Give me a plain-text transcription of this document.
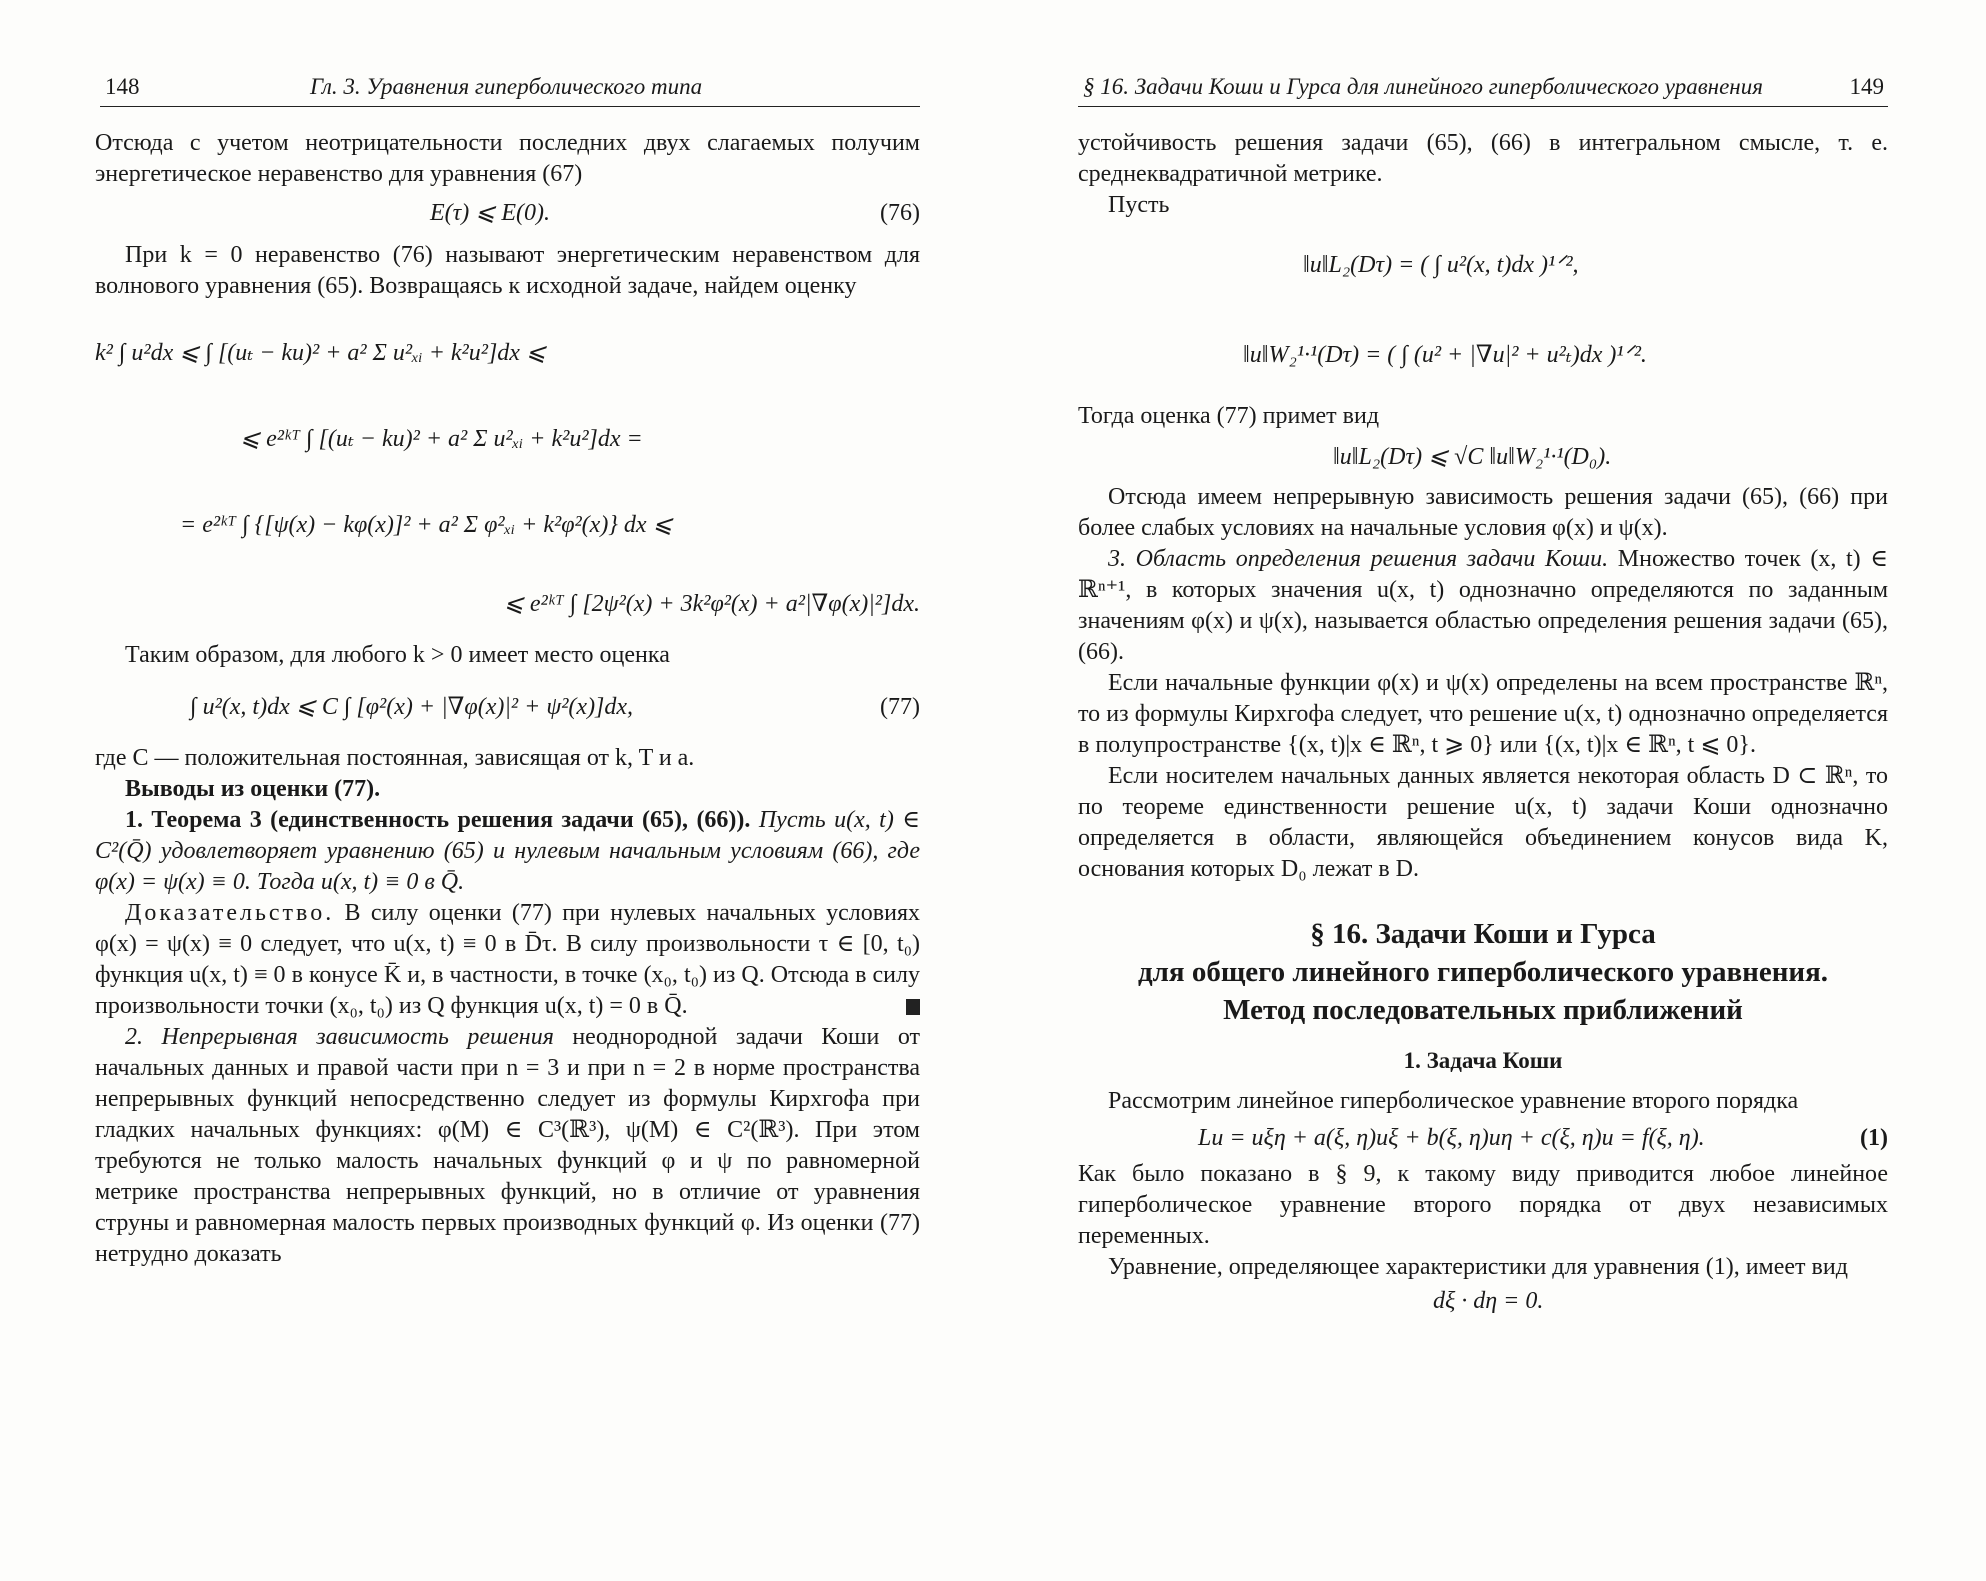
148	Гл. 3. Уравнения гиперболического типа

Отсюда с учетом неотрицательности последних двух слагаемых получим энергетическое неравенство для уравнения (67)

E(τ) ⩽ E(0).	(76)

При k = 0 неравенство (76) называют энергетическим неравенством для волнового уравнения (65). Возвращаясь к исходной задаче, найдем оценку

k² ∫ u²dx ⩽ ∫ [(uₜ − ku)² + a² Σ u²ₓᵢ + k²u²]dx ⩽
⩽ e²ᵏᵀ ∫ [(uₜ − ku)² + a² Σ u²ₓᵢ + k²u²]dx =
= e²ᵏᵀ ∫ {[ψ(x) − kφ(x)]² + a² Σ φ²ₓᵢ + k²φ²(x)} dx ⩽
⩽ e²ᵏᵀ ∫ [2ψ²(x) + 3k²φ²(x) + a²|∇φ(x)|²]dx.

Таким образом, для любого k > 0 имеет место оценка

∫ u²(x, t)dx ⩽ C ∫ [φ²(x) + |∇φ(x)|² + ψ²(x)]dx,	(77)

где C — положительная постоянная, зависящая от k, T и a.

Выводы из оценки (77).

1. Теорема 3 (единственность решения задачи (65), (66)). Пусть u(x, t) ∈ C²(Q̄) удовлетворяет уравнению (65) и нулевым начальным условиям (66), где φ(x) = ψ(x) ≡ 0. Тогда u(x, t) ≡ 0 в Q̄.

Доказательство. В силу оценки (77) при нулевых начальных условиях φ(x) = ψ(x) ≡ 0 следует, что u(x, t) ≡ 0 в D̄τ. В силу произвольности τ ∈ [0, t₀) функция u(x, t) ≡ 0 в конусе K̄ и, в частности, в точке (x₀, t₀) из Q. Отсюда в силу произвольности точки (x₀, t₀) из Q функция u(x, t) = 0 в Q̄.

2. Непрерывная зависимость решения неоднородной задачи Коши от начальных данных и правой части при n = 3 и при n = 2 в норме пространства непрерывных функций непосредственно следует из формулы Кирхгофа при гладких начальных функциях: φ(M) ∈ C³(ℝ³), ψ(M) ∈ C²(ℝ³). При этом требуются не только малость начальных функций φ и ψ по равномерной метрике пространства непрерывных функций, но в отличие от уравнения струны и равномерная малость первых производных функций φ. Из оценки (77) нетрудно доказать

§ 16. Задачи Коши и Гурса для линейного гиперболического уравнения	149

устойчивость решения задачи (65), (66) в интегральном смысле, т. е. среднеквадратичной метрике.

Пусть

‖u‖L₂(Dτ) = ( ∫ u²(x, t)dx )¹ᐟ²,
‖u‖W₂¹·¹(Dτ) = ( ∫ (u² + |∇u|² + u²ₜ)dx )¹ᐟ².

Тогда оценка (77) примет вид

‖u‖L₂(Dτ) ⩽ √C ‖u‖W₂¹·¹(D₀).

Отсюда имеем непрерывную зависимость решения задачи (65), (66) при более слабых условиях на начальные условия φ(x) и ψ(x).

3. Область определения решения задачи Коши. Множество точек (x, t) ∈ ℝⁿ⁺¹, в которых значения u(x, t) однозначно определяются по заданным значениям φ(x) и ψ(x), называется областью определения решения задачи (65), (66).

Если начальные функции φ(x) и ψ(x) определены на всем пространстве ℝⁿ, то из формулы Кирхгофа следует, что решение u(x, t) однозначно определяется в полупространстве {(x, t)|x ∈ ℝⁿ, t ⩾ 0} или {(x, t)|x ∈ ℝⁿ, t ⩽ 0}.

Если носителем начальных данных является некоторая область D ⊂ ℝⁿ, то по теореме единственности решение u(x, t) задачи Коши однозначно определяется в области, являющейся объединением конусов вида K, основания которых D₀ лежат в D.

§ 16. Задачи Коши и Гурса
для общего линейного гиперболического уравнения.
Метод последовательных приближений
1. Задача Коши

Рассмотрим линейное гиперболическое уравнение второго порядка

Lu = uξη + a(ξ, η)uξ + b(ξ, η)uη + c(ξ, η)u = f(ξ, η).	(1)

Как было показано в § 9, к такому виду приводится любое линейное гиперболическое уравнение второго порядка от двух независимых переменных.

Уравнение, определяющее характеристики для уравнения (1), имеет вид

dξ · dη = 0.
